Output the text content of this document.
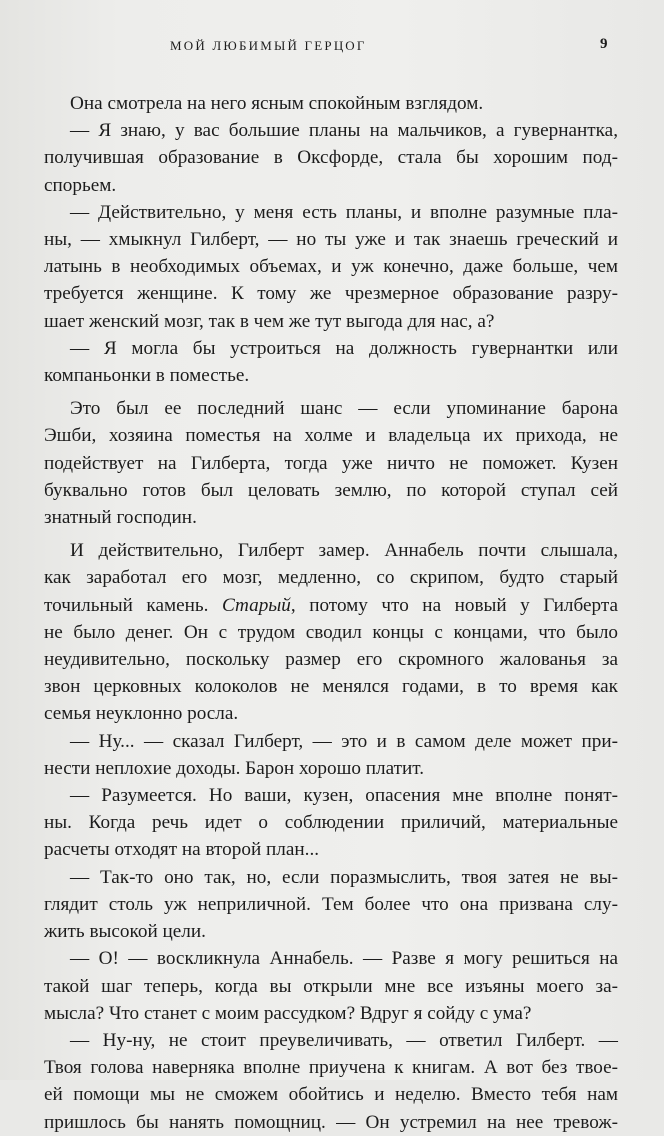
МОЙ ЛЮБИМЫЙ ГЕРЦОГ	9

Она смотрела на него ясным спокойным взглядом.

— Я знаю, у вас большие планы на мальчиков, а гувернантка,

получившая образование в Оксфорде, стала бы хорошим под-

спорьем.

— Действительно, у меня есть планы, и вполне разумные пла-

ны, — хмыкнул Гилберт, — но ты уже и так знаешь греческий и

латынь в необходимых объемах, и уж конечно, даже больше, чем

требуется женщине. К тому же чрезмерное образование разру-

шает женский мозг, так в чем же тут выгода для нас, а?

— Я могла бы устроиться на должность гувернантки или

компаньонки в поместье.

Это был ее последний шанс — если упоминание барона

Эшби, хозяина поместья на холме и владельца их прихода, не

подействует на Гилберта, тогда уже ничто не поможет. Кузен

буквально готов был целовать землю, по которой ступал сей

знатный господин.

И действительно, Гилберт замер. Аннабель почти слышала,

как заработал его мозг, медленно, со скрипом, будто старый

точильный камень. Старый, потому что на новый у Гилберта

не было денег. Он с трудом сводил концы с концами, что было

неудивительно, поскольку размер его скромного жалованья за

звон церковных колоколов не менялся годами, в то время как

семья неуклонно росла.

— Ну... — сказал Гилберт, — это и в самом деле может при-

нести неплохие доходы. Барон хорошо платит.

— Разумеется. Но ваши, кузен, опасения мне вполне понят-

ны. Когда речь идет о соблюдении приличий, материальные

расчеты отходят на второй план...

— Так-то оно так, но, если поразмыслить, твоя затея не вы-

глядит столь уж неприличной. Тем более что она призвана слу-

жить высокой цели.

— О! — воскликнула Аннабель. — Разве я могу решиться на

такой шаг теперь, когда вы открыли мне все изъяны моего за-

мысла? Что станет с моим рассудком? Вдруг я сойду с ума?

— Ну-ну, не стоит преувеличивать, — ответил Гилберт. —

Твоя голова наверняка вполне приучена к книгам. А вот без твое-

ей помощи мы не сможем обойтись и неделю. Вместо тебя нам

пришлось бы нанять помощниц. — Он устремил на нее тревож-
